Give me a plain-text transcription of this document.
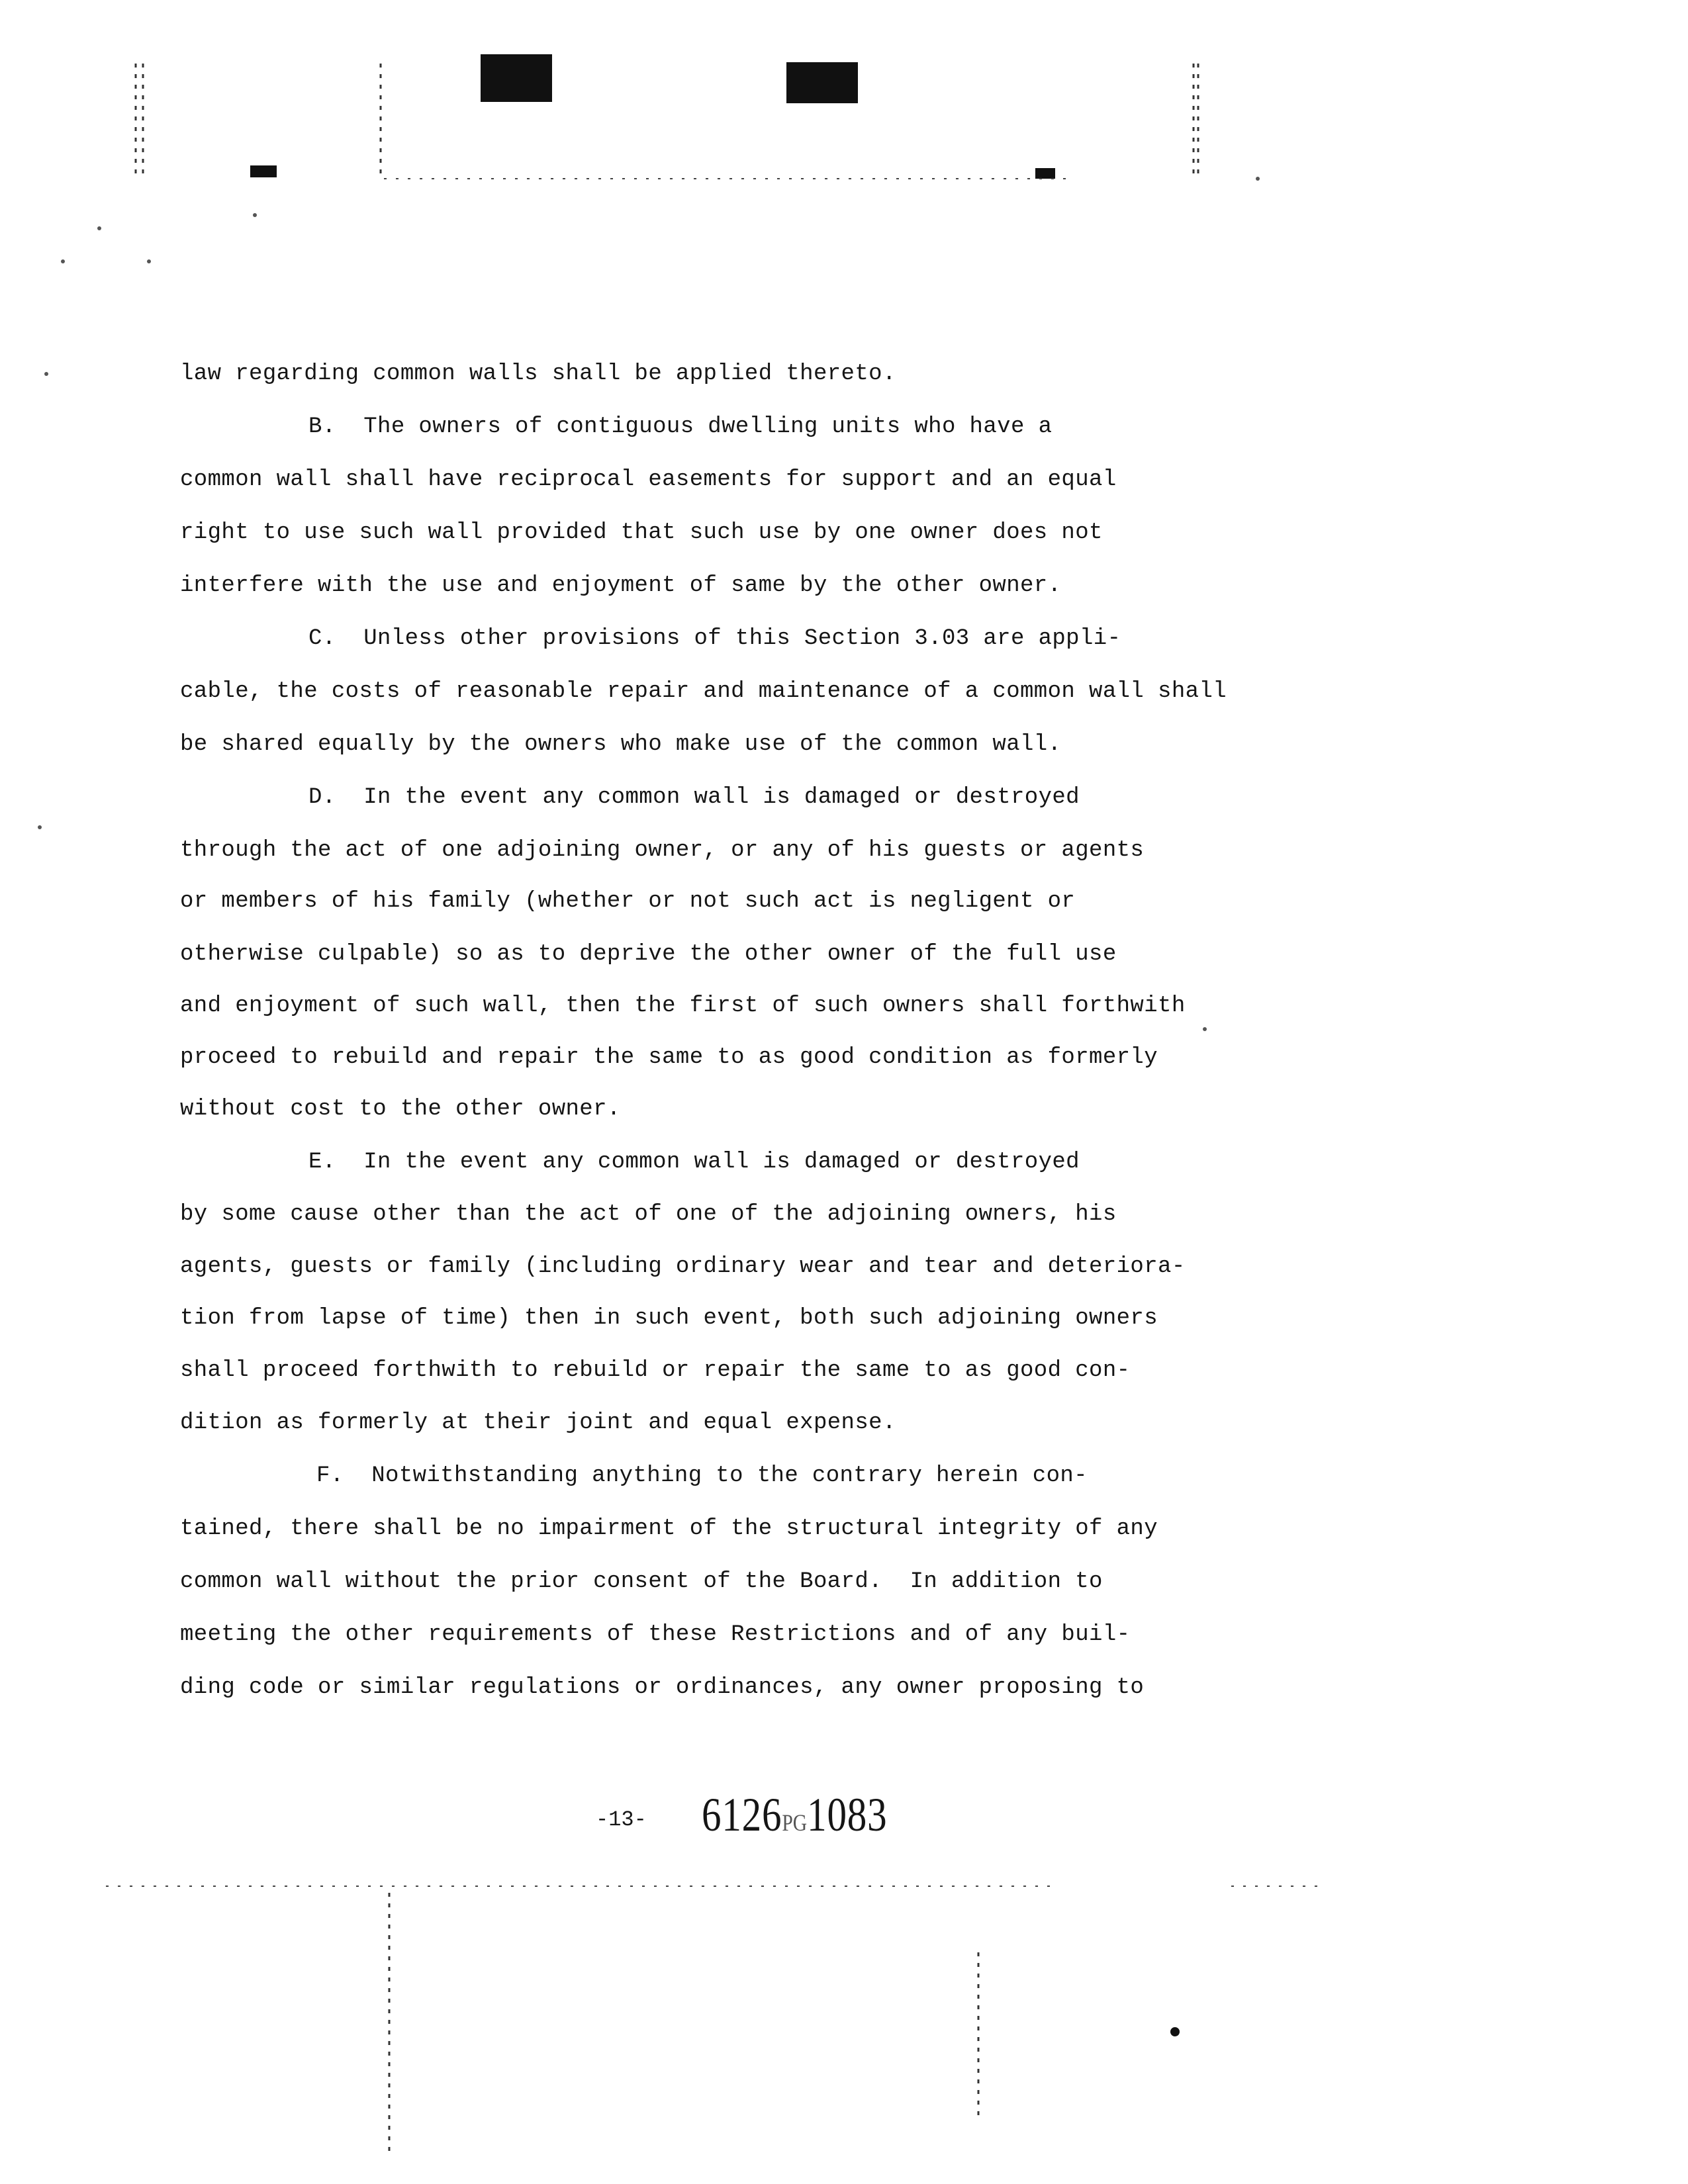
law regarding common walls shall be applied thereto.
B.  The owners of contiguous dwelling units who have a
common wall shall have reciprocal easements for support and an equal
right to use such wall provided that such use by one owner does not
interfere with the use and enjoyment of same by the other owner.
C.  Unless other provisions of this Section 3.03 are appli-
cable, the costs of reasonable repair and maintenance of a common wall shall
be shared equally by the owners who make use of the common wall.
D.  In the event any common wall is damaged or destroyed
through the act of one adjoining owner, or any of his guests or agents
or members of his family (whether or not such act is negligent or
otherwise culpable) so as to deprive the other owner of the full use
and enjoyment of such wall, then the first of such owners shall forthwith
proceed to rebuild and repair the same to as good condition as formerly
without cost to the other owner.
E.  In the event any common wall is damaged or destroyed
by some cause other than the act of one of the adjoining owners, his
agents, guests or family (including ordinary wear and tear and deteriora-
tion from lapse of time) then in such event, both such adjoining owners
shall proceed forthwith to rebuild or repair the same to as good con-
dition as formerly at their joint and equal expense.
F.  Notwithstanding anything to the contrary herein con-
tained, there shall be no impairment of the structural integrity of any
common wall without the prior consent of the Board.  In addition to
meeting the other requirements of these Restrictions and of any buil-
ding code or similar regulations or ordinances, any owner proposing to
-13- 6126PG1083
